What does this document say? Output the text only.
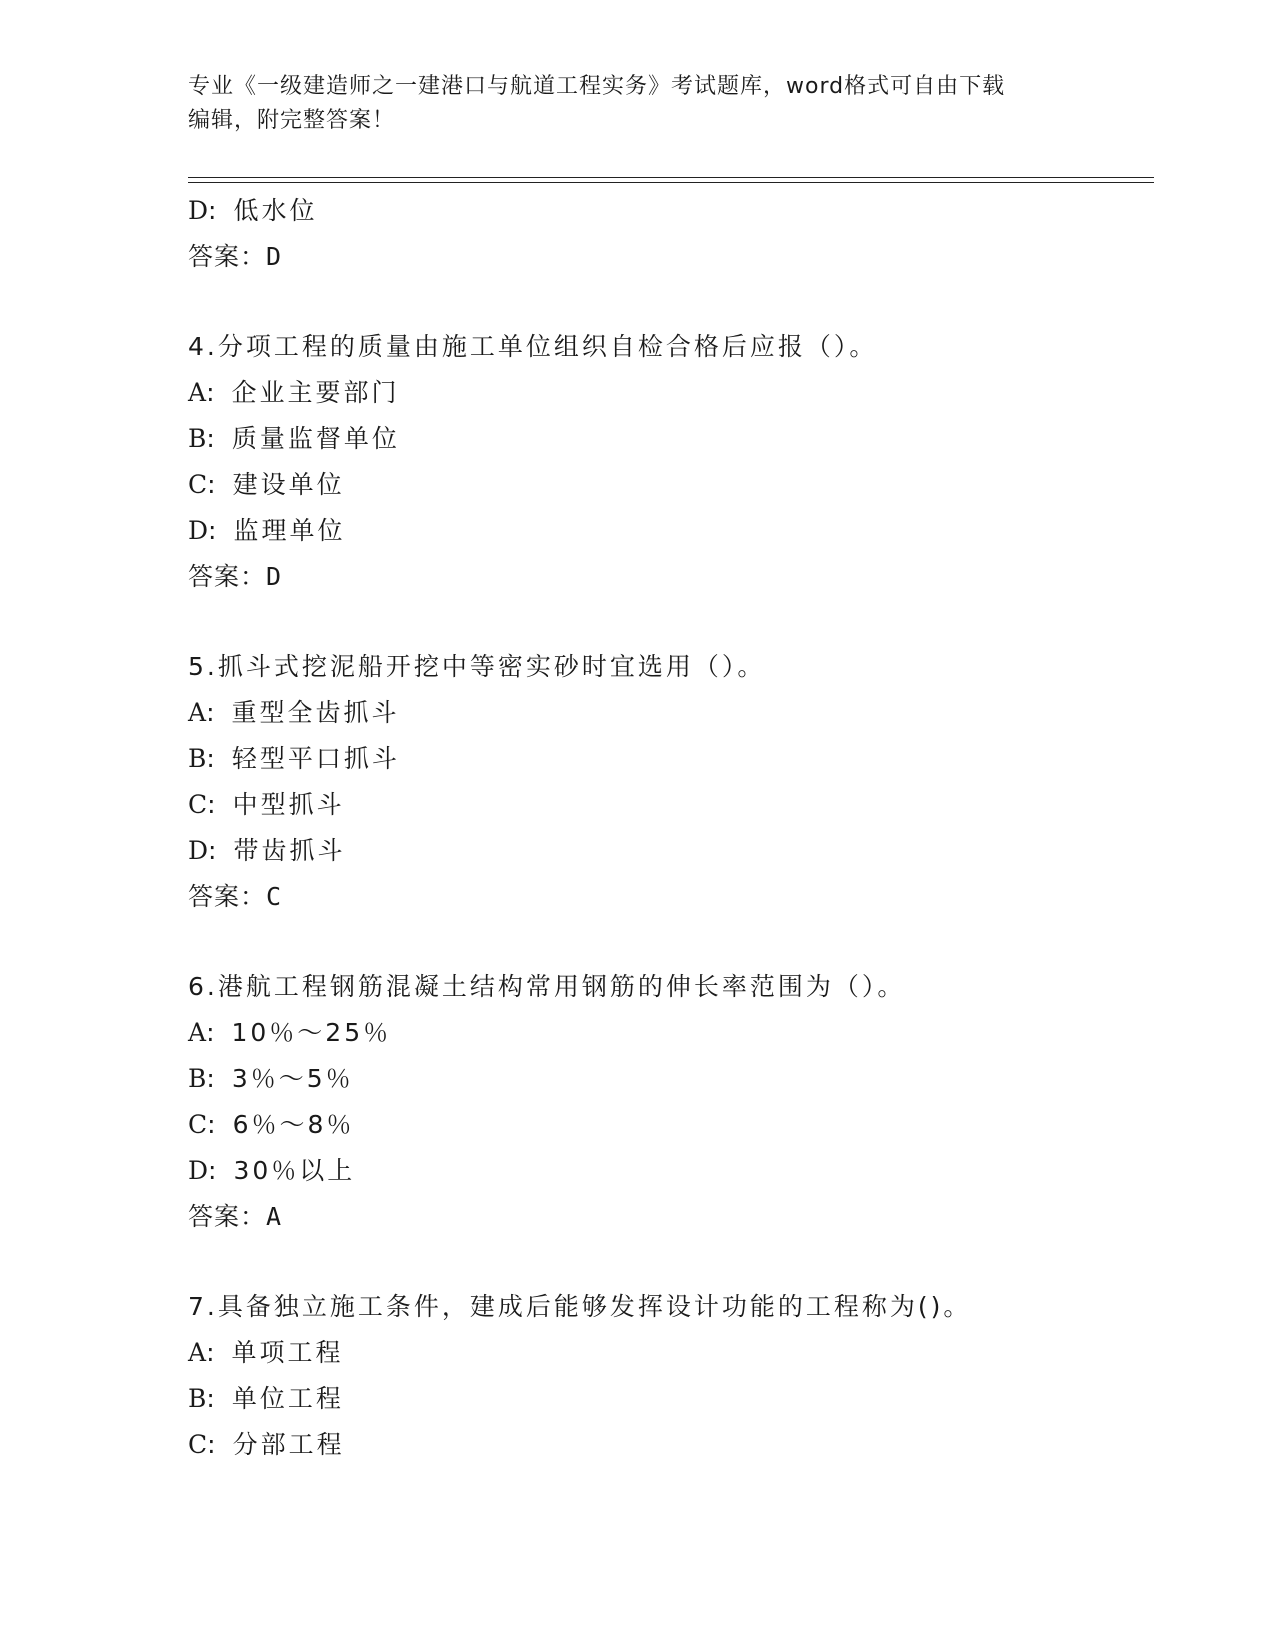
专业《一级建造师之一建港口与航道工程实务》考试题库，word格式可自由下载
编辑，附完整答案！
D: 低水位
答案：D
4.分项工程的质量由施工单位组织自检合格后应报（）。
A: 企业主要部门
B: 质量监督单位
C: 建设单位
D: 监理单位
答案：D
5.抓斗式挖泥船开挖中等密实砂时宜选用（）。
A: 重型全齿抓斗
B: 轻型平口抓斗
C: 中型抓斗
D: 带齿抓斗
答案：C
6.港航工程钢筋混凝土结构常用钢筋的伸长率范围为（）。
A: 10％～25％
B: 3％～5％
C: 6％～8％
D: 30％以上
答案：A
7.具备独立施工条件，建成后能够发挥设计功能的工程称为()。
A: 单项工程
B: 单位工程
C: 分部工程
